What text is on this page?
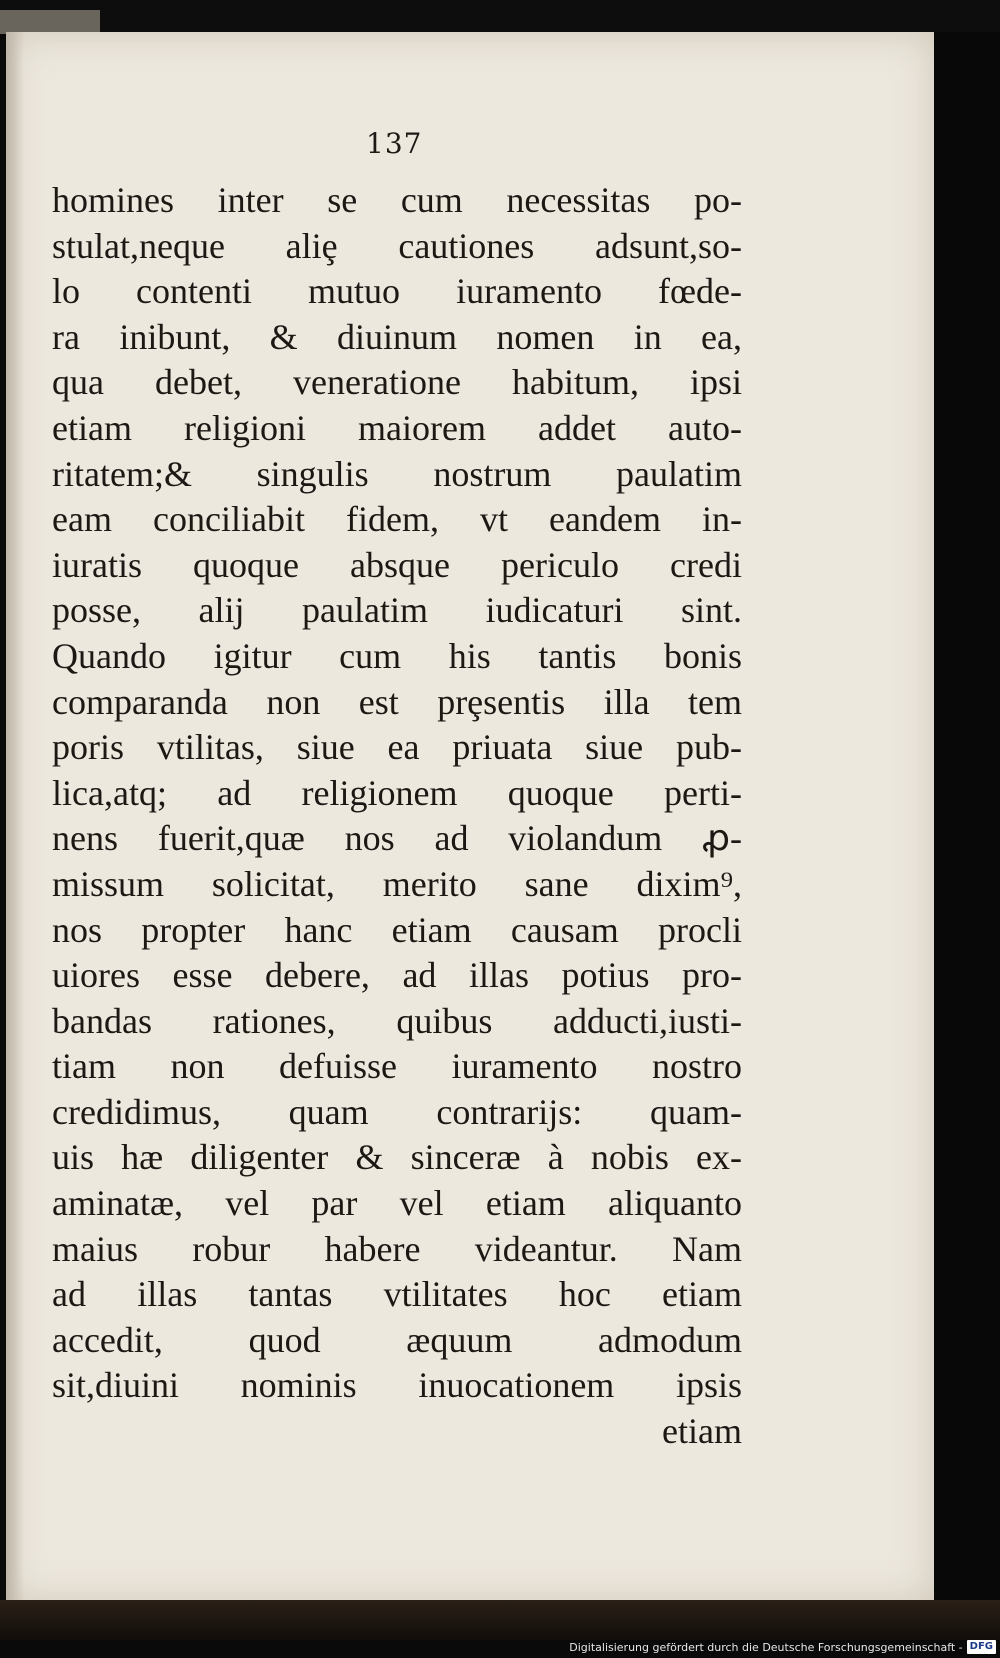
137
homines inter se cum necessitas po-
stulat,neque aliȩ cautiones adsunt,so-
lo contenti mutuo iuramento fœde-
ra inibunt, & diuinum nomen in ea,
qua debet, veneratione habitum, ipsi
etiam religioni maiorem addet auto-
ritatem;& singulis nostrum paulatim
eam conciliabit fidem, vt eandem in-
iuratis quoque absque periculo credi
posse, alij paulatim iudicaturi sint.
Quando igitur cum his tantis bonis
comparanda non est prȩsentis illa tem
poris vtilitas, siue ea priuata siue pub-
lica,atq; ad religionem quoque perti-
nens fuerit,quæ nos ad violandum ꝓ-
missum solicitat, merito sane dixim⁹,
nos propter hanc etiam causam procli
uiores esse debere, ad illas potius pro-
bandas rationes, quibus adducti,iusti-
tiam non defuisse iuramento nostro
credidimus, quam contrarijs: quam-
uis hæ diligenter & sinceræ à nobis ex-
aminatæ, vel par vel etiam aliquanto
maius robur habere videantur. Nam
ad illas tantas vtilitates hoc etiam
accedit, quod æquum admodum
sit,diuini nominis inuocationem ipsis
etiam
Digitalisierung gefördert durch die Deutsche Forschungsgemeinschaft - DFG
